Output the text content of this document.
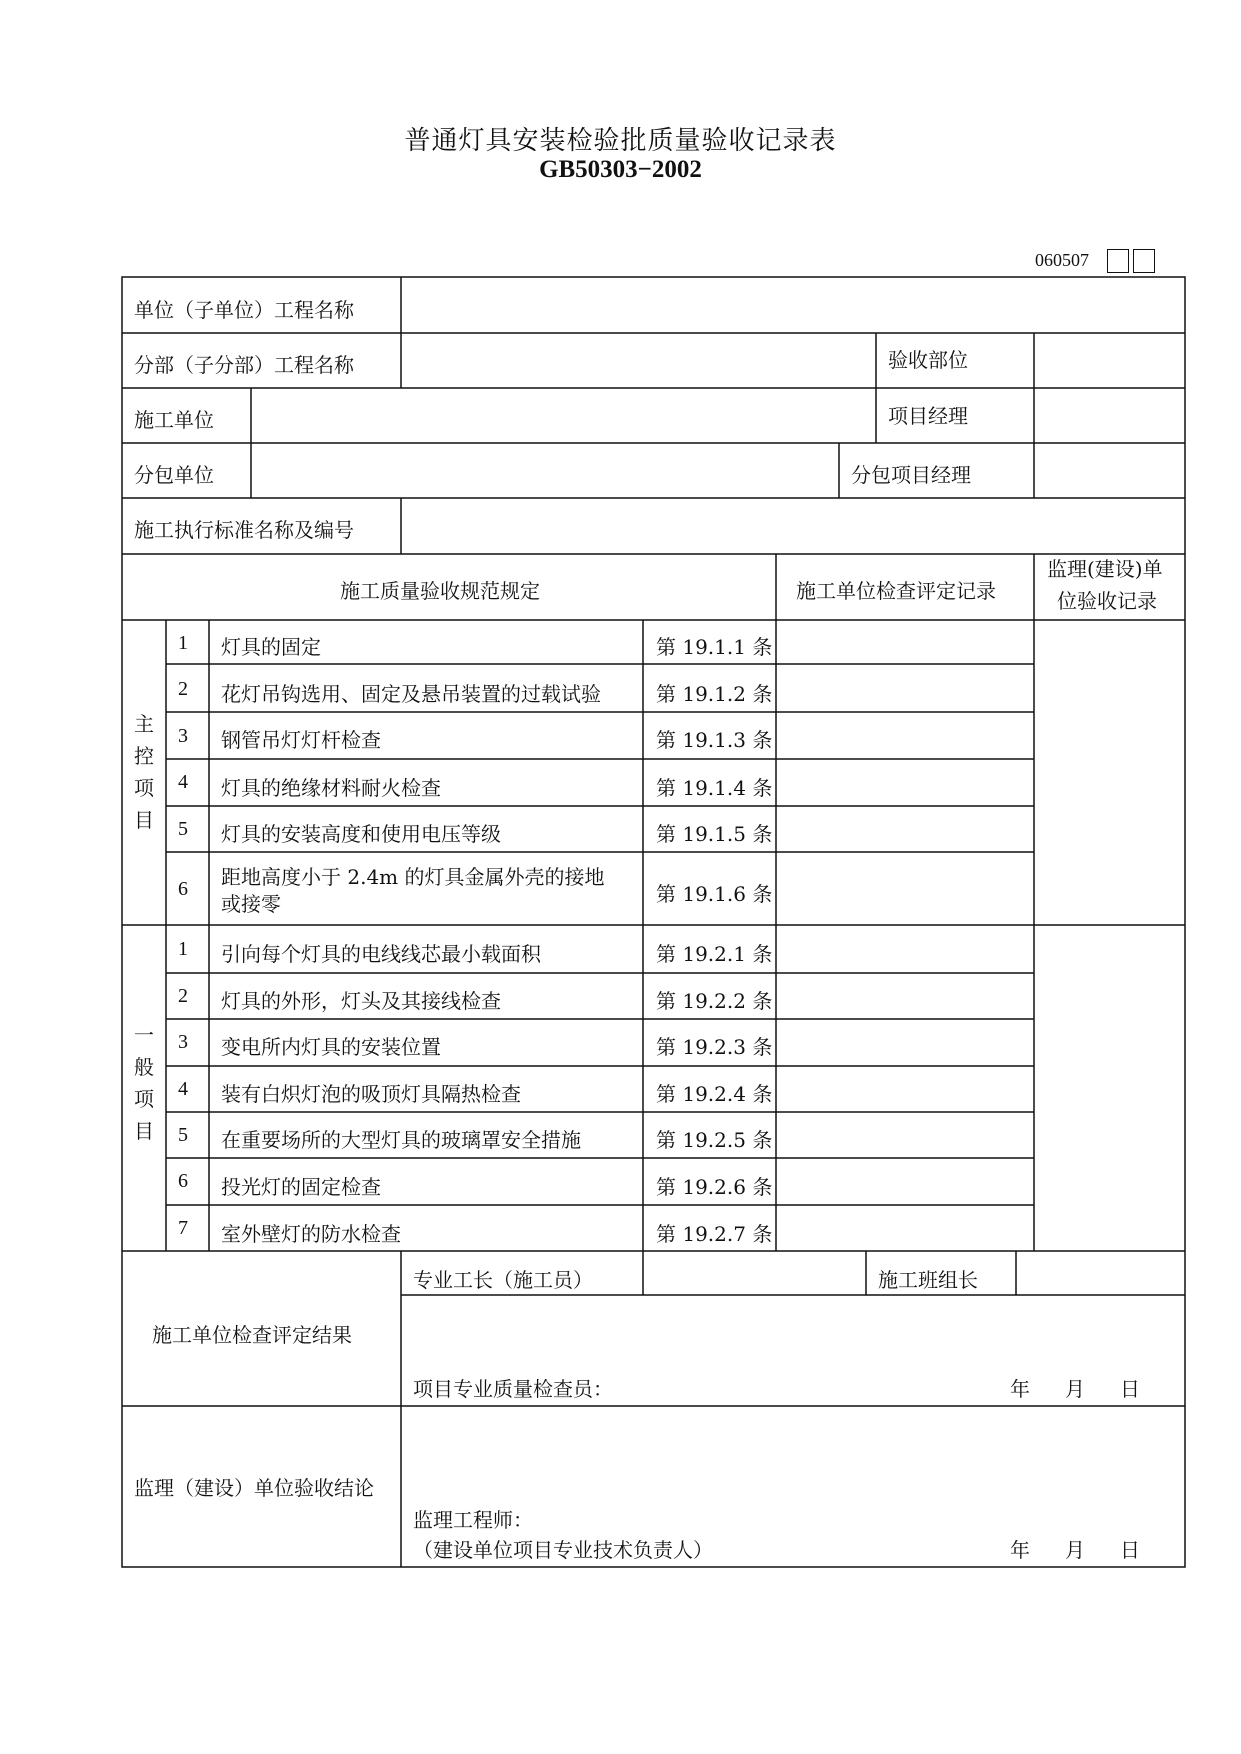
普通灯具安装检验批质量验收记录表
GB50303−2002
060507
单位（子单位）工程名称
分部（子分部）工程名称	验收部位
施工单位	项目经理
分包单位	分包项目经理
施工执行标准名称及编号
施工质量验收规范规定	施工单位检查评定记录
监理(建设)单
位验收记录
主
控
项
目
1 灯具的固定	第 19.1.1 条
2 花灯吊钩选用、固定及悬吊装置的过载试验	第 19.1.2 条
3 钢管吊灯灯杆检查	第 19.1.3 条
4 灯具的绝缘材料耐火检查	第 19.1.4 条
5 灯具的安装高度和使用电压等级	第 19.1.5 条
6 距地高度小于 2.4m 的灯具金属外壳的接地
或接零	第 19.1.6 条
一
般
项
目
1 引向每个灯具的电线线芯最小载面积	第 19.2.1 条
2 灯具的外形，灯头及其接线检查	第 19.2.2 条
3 变电所内灯具的安装位置	第 19.2.3 条
4 装有白炽灯泡的吸顶灯具隔热检查	第 19.2.4 条
5 在重要场所的大型灯具的玻璃罩安全措施	第 19.2.5 条
6 投光灯的固定检查	第 19.2.6 条
7 室外壁灯的防水检查	第 19.2.7 条
施工单位检查评定结果
专业工长（施工员）	施工班组长
项目专业质量检查员：	年 月 日
监理（建设）单位验收结论
监理工程师：
（建设单位项目专业技术负责人）	年 月 日
